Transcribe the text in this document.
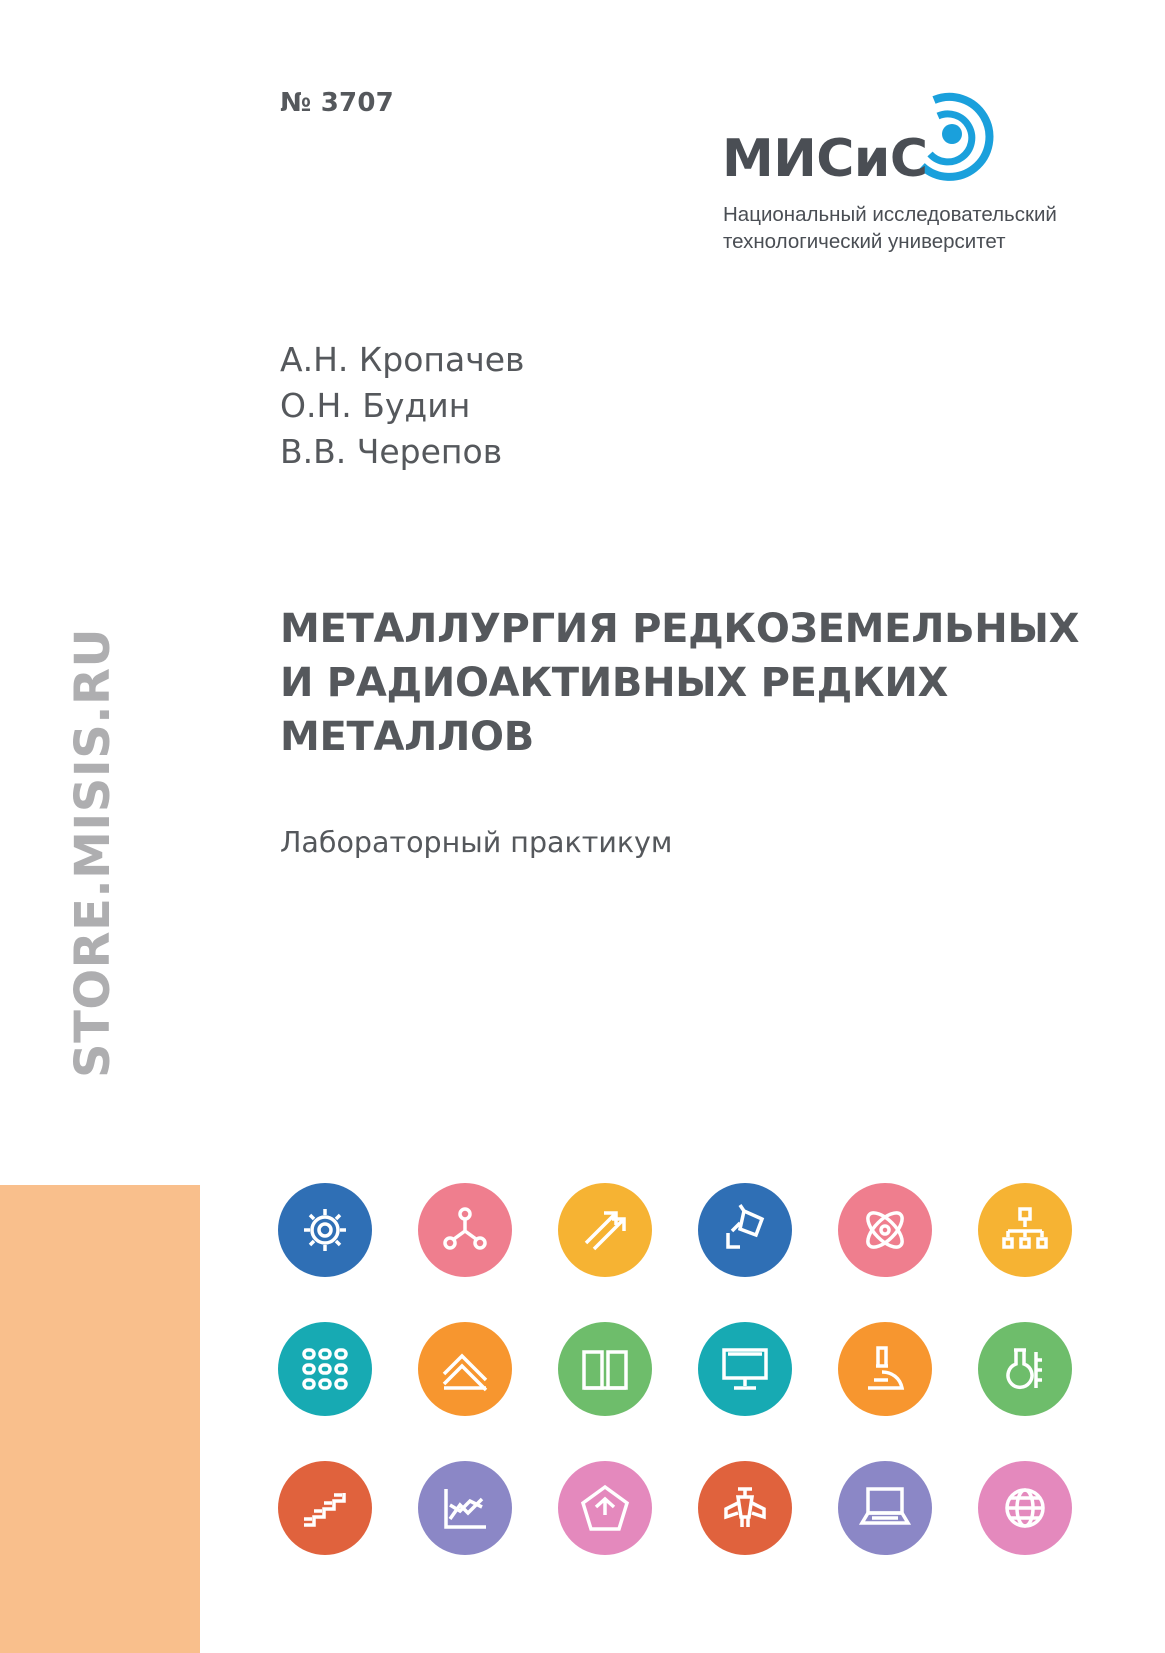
№ 3707
МИСиС
Национальный исследовательский
технологический университет
А.Н. Кропачев
О.Н. Будин
В.В. Черепов
МЕТАЛЛУРГИЯ РЕДКОЗЕМЕЛЬНЫХ
И РАДИОАКТИВНЫХ РЕДКИХ
МЕТАЛЛОВ
Лабораторный практикум
STORE.MISIS.RU
